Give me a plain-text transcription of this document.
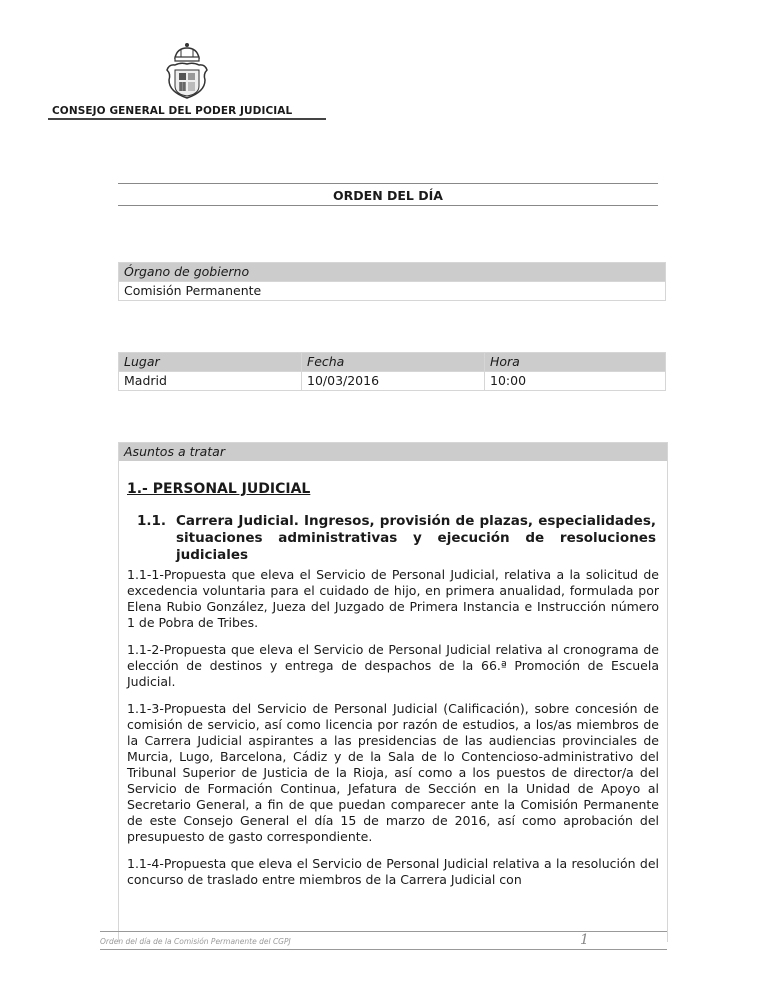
CONSEJO GENERAL DEL PODER JUDICIAL
ORDEN DEL DÍA
Órgano de gobierno
Comisión Permanente
Lugar	Fecha	Hora
Madrid	10/03/2016	10:00
Asuntos a tratar
1.- PERSONAL JUDICIAL
1.1. Carrera Judicial. Ingresos, provisión de plazas, especialidades, situaciones administrativas y ejecución de resoluciones judiciales

1.1-1-Propuesta que eleva el Servicio de Personal Judicial, relativa a la solicitud de excedencia voluntaria para el cuidado de hijo, en primera anualidad, formulada por Elena Rubio González, Jueza del Juzgado de Primera Instancia e Instrucción número 1 de Pobra de Tribes.

1.1-2-Propuesta que eleva el Servicio de Personal Judicial relativa al cronograma de elección de destinos y entrega de despachos de la 66.ª Promoción de Escuela Judicial.

1.1-3-Propuesta del Servicio de Personal Judicial (Calificación), sobre concesión de comisión de servicio, así como licencia por razón de estudios, a los/as miembros de la Carrera Judicial aspirantes a las presidencias de las audiencias provinciales de Murcia, Lugo, Barcelona, Cádiz y de la Sala de lo Contencioso-administrativo del Tribunal Superior de Justicia de la Rioja, así como a los puestos de director/a del Servicio de Formación Continua, Jefatura de Sección en la Unidad de Apoyo al Secretario General, a fin de que puedan comparecer ante la Comisión Permanente de este Consejo General el día 15 de marzo de 2016, así como aprobación del presupuesto de gasto correspondiente.

1.1-4-Propuesta que eleva el Servicio de Personal Judicial relativa a la resolución del concurso de traslado entre miembros de la Carrera Judicial con

Orden del día de la Comisión Permanente del CGPJ	1
